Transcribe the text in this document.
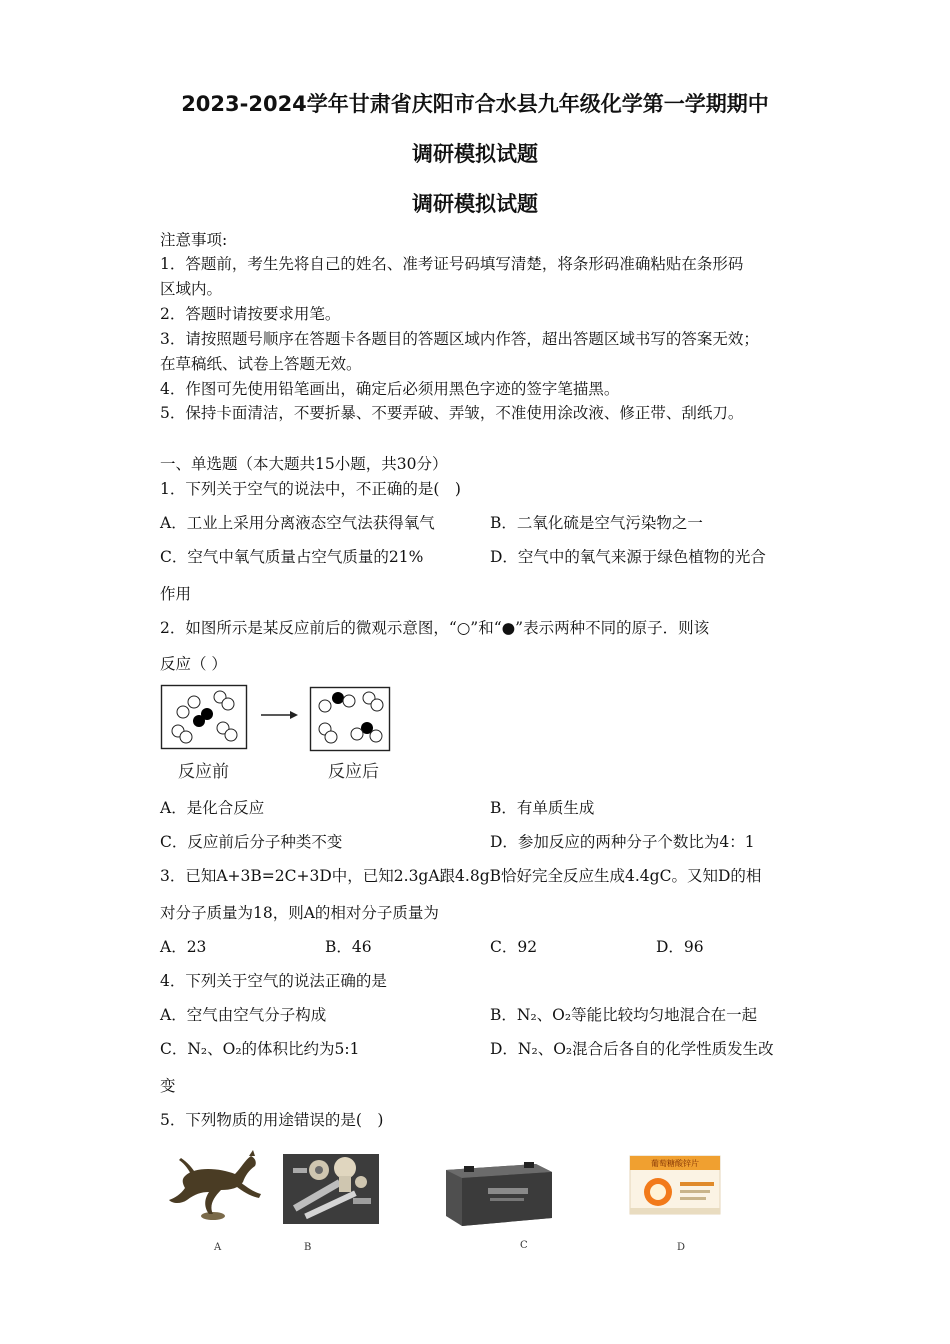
2023-2024学年甘肃省庆阳市合水县九年级化学第一学期期中
调研模拟试题
调研模拟试题
注意事项:
1．答题前，考生先将自己的姓名、准考证号码填写清楚，将条形码准确粘贴在条形码
区域内。
2．答题时请按要求用笔。
3．请按照题号顺序在答题卡各题目的答题区域内作答，超出答题区域书写的答案无效；
在草稿纸、试卷上答题无效。
4．作图可先使用铅笔画出，确定后必须用黑色字迹的签字笔描黑。
5．保持卡面清洁，不要折暴、不要弄破、弄皱，不准使用涂改液、修正带、刮纸刀。
一、单选题（本大题共15小题，共30分）
1．下列关于空气的说法中，不正确的是(　)
A．工业上采用分离液态空气法获得氧气	B．二氧化硫是空气污染物之一
C．空气中氧气质量占空气质量的21%	D．空气中的氧气来源于绿色植物的光合
作用
2．如图所示是某反应前后的微观示意图，“○”和“●”表示两种不同的原子．则该
反应（ ）
反应前	反应后
A．是化合反应	B．有单质生成
C．反应前后分子种类不变	D．参加反应的两种分子个数比为4：1
3．已知A+3B=2C+3D中，已知2.3gA跟4.8gB恰好完全反应生成4.4gC。又知D的相
对分子质量为18，则A的相对分子质量为
A．23	B．46	C．92	D．96
4．下列关于空气的说法正确的是
A．空气由空气分子构成	B．N₂、O₂等能比较均匀地混合在一起
C．N₂、O₂的体积比约为5:1	D．N₂、O₂混合后各自的化学性质发生改
变
5．下列物质的用途错误的是(　)
A	B	C
葡萄糖酸锌片
D
